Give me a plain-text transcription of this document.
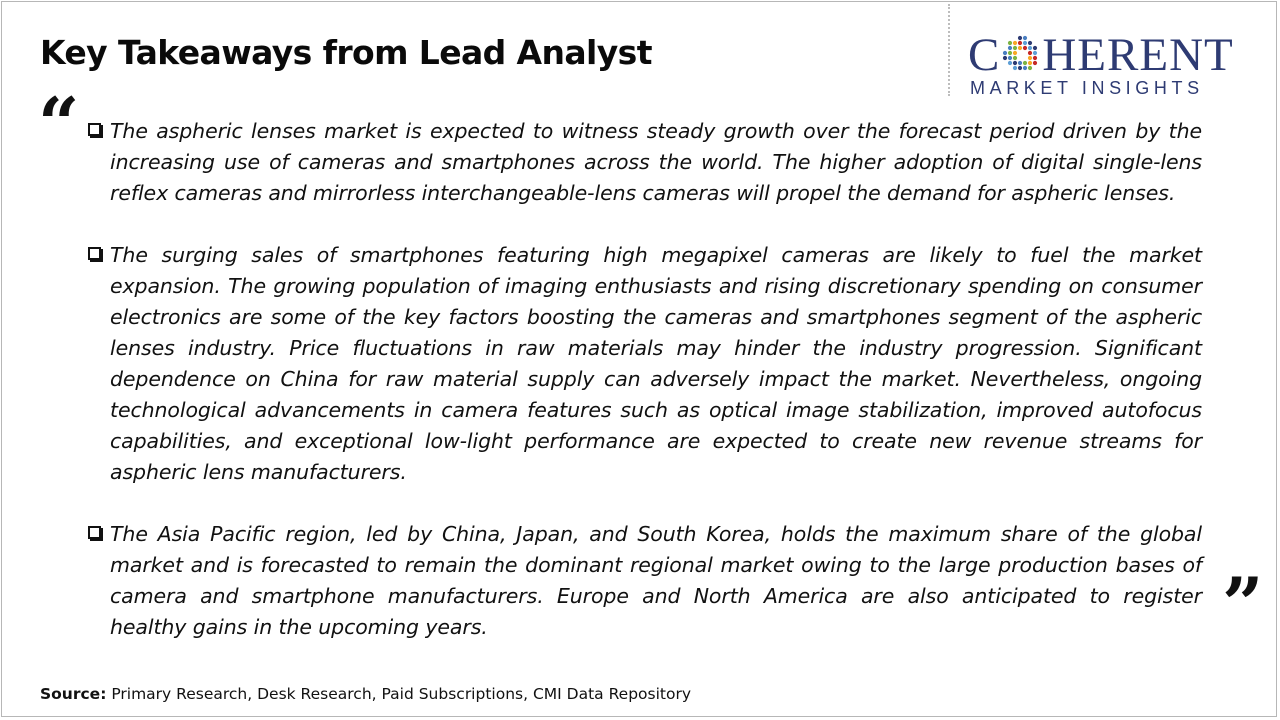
Key Takeaways from Lead Analyst	C HERENT
MARKET INSIGHTS
“ The aspheric lenses market is expected to witness steady growth over the forecast period driven by the increasing use of cameras and smartphones across the world. The higher adoption of digital single-lens reflex cameras and mirrorless interchangeable-lens cameras will propel the demand for aspheric lenses.

The surging sales of smartphones featuring high megapixel cameras are likely to fuel the market expansion. The growing population of imaging enthusiasts and rising discretionary spending on consumer electronics are some of the key factors boosting the cameras and smartphones segment of the aspheric lenses industry. Price fluctuations in raw materials may hinder the industry progression. Significant dependence on China for raw material supply can adversely impact the market. Nevertheless, ongoing technological advancements in camera features such as optical image stabilization, improved autofocus capabilities, and exceptional low-light performance are expected to create new revenue streams for aspheric lens manufacturers.

The Asia Pacific region, led by China, Japan, and South Korea, holds the maximum share of the global market and is forecasted to remain the dominant regional market owing to the large production bases of camera and smartphone manufacturers. Europe and North America are also anticipated to register healthy gains in the upcoming years.	”
Source: Primary Research, Desk Research, Paid Subscriptions, CMI Data Repository
